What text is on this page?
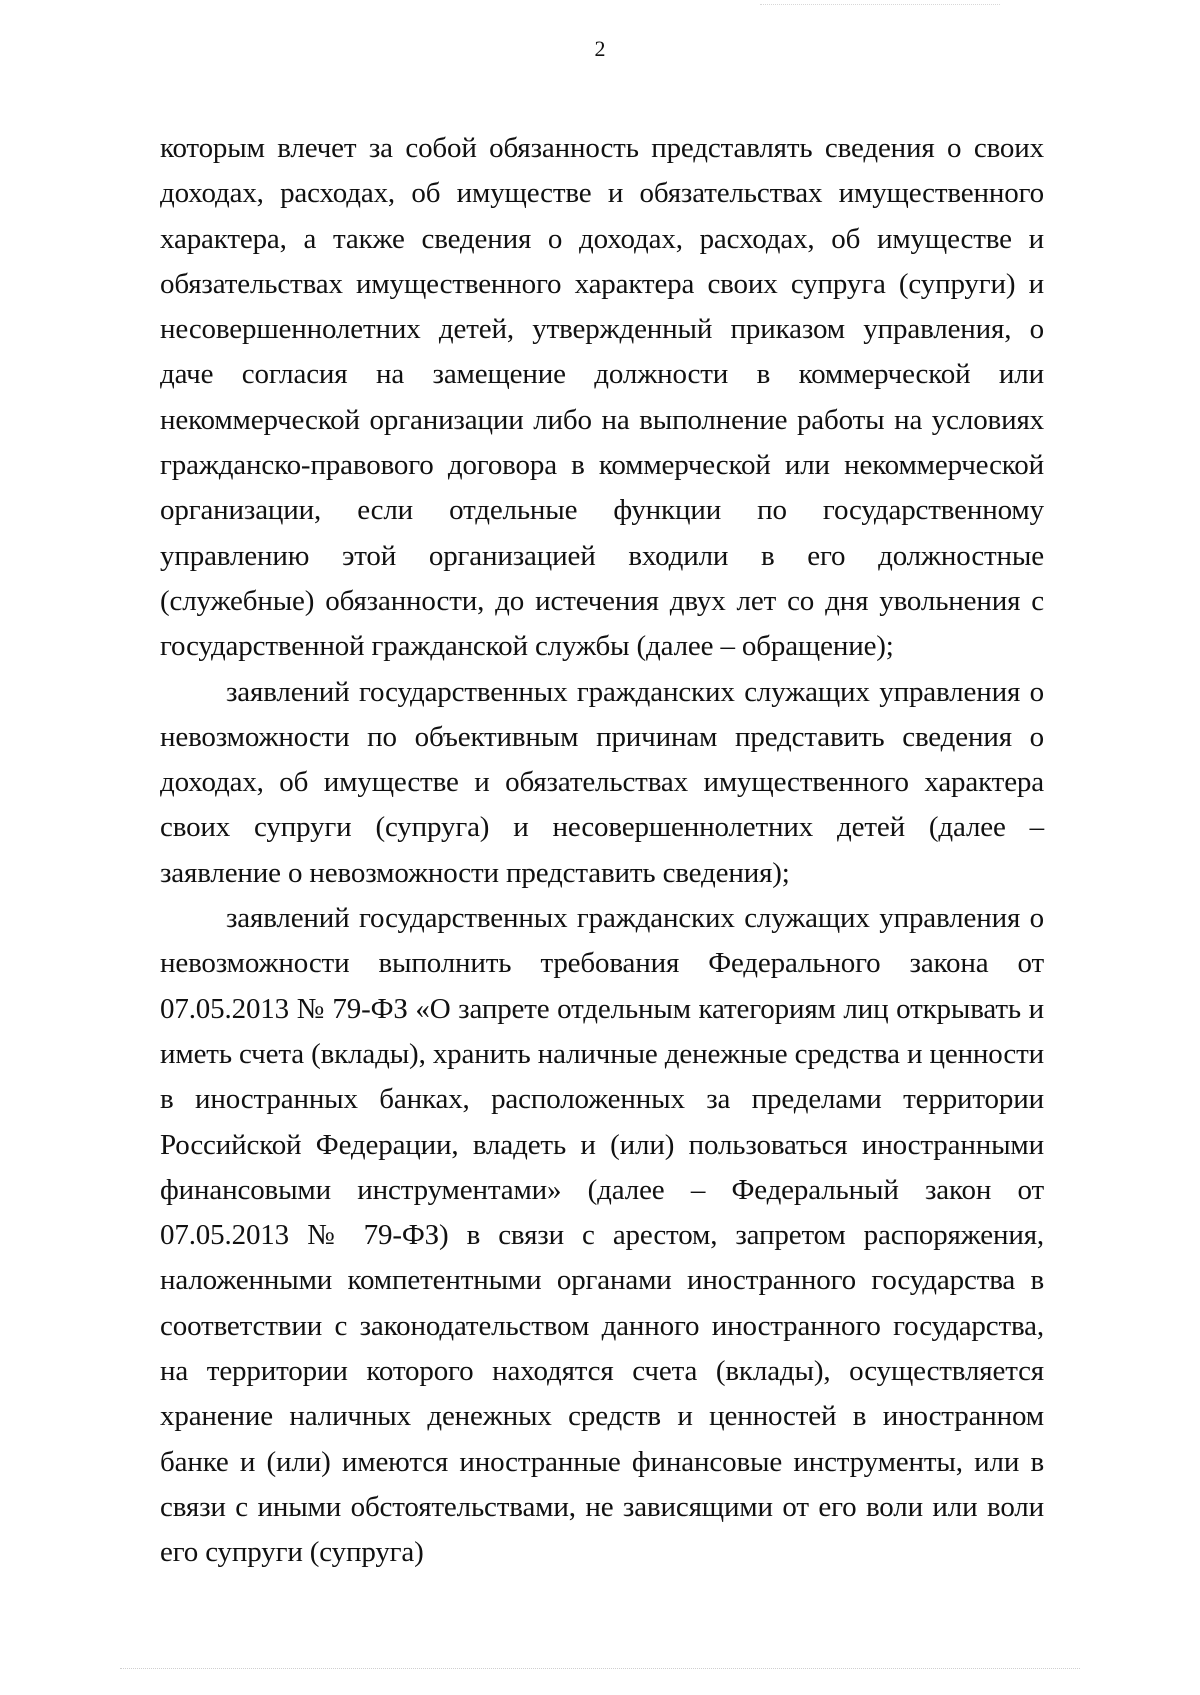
2

которым влечет за собой обязанность представлять сведения о своих доходах, расходах, об имуществе и обязательствах имущественного характера, а также сведения о доходах, расходах, об имуществе и обязательствах имущественного характера своих супруга (супруги) и несовершеннолетних детей, утвержденный приказом управления, о даче согласия на замещение должности в коммерческой или некоммерческой организации либо на выполнение работы на условиях гражданско-правового договора в коммерческой или некоммерческой организации, если отдельные функции по государственному управлению этой организацией входили в его должностные (служебные) обязанности, до истечения двух лет со дня увольнения с государственной гражданской службы (далее – обращение);

заявлений государственных гражданских служащих управления о невозможности по объективным причинам представить сведения о доходах, об имуществе и обязательствах имущественного характера своих супруги (супруга) и несовершеннолетних детей (далее – заявление о невозможности представить сведения);

заявлений государственных гражданских служащих управления о невозможности выполнить требования Федерального закона от 07.05.2013 № 79-ФЗ «О запрете отдельным категориям лиц открывать и иметь счета (вклады), хранить наличные денежные средства и ценности в иностранных банках, расположенных за пределами территории Российской Федерации, владеть и (или) пользоваться иностранными финансовыми инструментами» (далее – Федеральный закон от 07.05.2013 № 79-ФЗ) в связи с арестом, запретом распоряжения, наложенными компетентными органами иностранного государства в соответствии с законодательством данного иностранного государства, на территории которого находятся счета (вклады), осуществляется хранение наличных денежных средств и ценностей в иностранном банке и (или) имеются иностранные финансовые инструменты, или в связи с иными обстоятельствами, не зависящими от его воли или воли его супруги (супруга)
